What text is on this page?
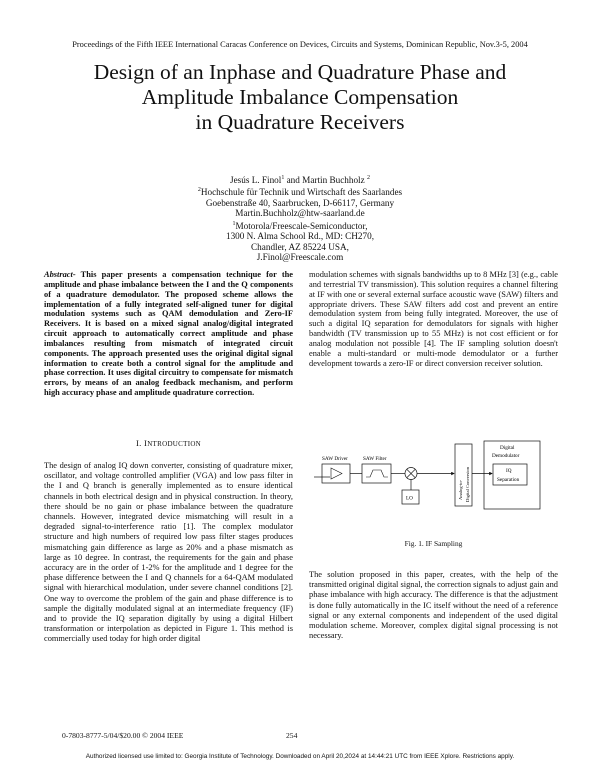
Proceedings of the Fifth IEEE International Caracas Conference on Devices, Circuits and Systems, Dominican Republic, Nov.3-5, 2004
Design of an Inphase and Quadrature Phase and
Amplitude Imbalance Compensation
in Quadrature Receivers
Jesús L. Finol$^1$ and Martin Buchholz $^2$
$^2$Hochschule für Technik und Wirtschaft des Saarlandes
Goebenstraße 40, Saarbrucken, D-66117, Germany
Martin.Buchholz@htw-saarland.de
$^1$Motorola/Freescale-Semiconductor,
1300 N. Alma School Rd., MD: CH270,
Chandler, AZ 85224 USA,
J.Finol@Freescale.com

Abstract- This paper presents a compensation technique for the amplitude and phase imbalance between the I and the Q components of a quadrature demodulator. The proposed scheme allows the implementation of a fully integrated self-aligned tuner for digital modulation systems such as QAM demodulation and Zero-IF Receivers. It is based on a mixed signal analog/digital integrated circuit approach to automatically correct amplitude and phase imbalances resulting from mismatch of integrated circuit components. The approach presented uses the original digital signal information to create both a control signal for the amplitude and phase correction. It uses digital circuitry to compensate for mismatch errors, by means of an analog feedback mechanism, and perform high accuracy phase and amplitude quadrature correction.

I. INTRODUCTION

The design of analog IQ down converter, consisting of quadrature mixer, oscillator, and voltage controlled amplifier (VGA) and low pass filter in the I and Q branch is generally implemented as to ensure identical channels in both electrical design and in physical construction. In theory, there should be no gain or phase imbalance between the quadrature channels. However, integrated device mismatching will result in a degraded signal-to-interference ratio [1]. The complex modulator structure and high numbers of required low pass filter stages produces mismatching gain difference as large as 20% and a phase mismatch as large as 10 degree. In contrast, the requirements for the gain and phase accuracy are in the order of 1-2% for the amplitude and 1 degree for the phase difference between the I and Q channels for a 64-QAM modulated signal with hierarchical modulation, under severe channel conditions [2]. One way to overcome the problem of the gain and phase difference is to sample the digitally modulated signal at an intermediate frequency (IF) and to provide the IQ separation digitally by using a digital Hilbert transformation or interpolation as depicted in Figure 1. This method is commercially used today for high order digital

modulation schemes with signals bandwidths up to 8 MHz [3] (e.g., cable and terrestrial TV transmission). This solution requires a channel filtering at IF with one or several external surface acoustic wave (SAW) filters and appropriate drivers. These SAW filters add cost and prevent an entire demodulation system from being fully integrated. Moreover, the use of such a digital IQ separation for demodulators for signals with higher bandwidth (TV transmission up to 55 MHz) is not cost efficient or for analog modulation not possible [4]. The IF sampling solution doesn't enable a multi-standard or multi-mode demodulator or a further development towards a zero-IF or direct conversion receiver solution.

SAW Driver	SAW Filter
LO	Analog-to- Digital Conversion
Digital
Demodulator
IQ
Separation
Fig. 1. IF Sampling

The solution proposed in this paper, creates, with the help of the transmitted original digital signal, the correction signals to adjust gain and phase imbalance with high accuracy. The difference is that the adjustment is done fully automatically in the IC itself without the need of a reference signal or any external components and independent of the used digital modulation scheme. Moreover, complex digital signal processing is not necessary.

0-7803-8777-5/04/$20.00 © 2004 IEEE	254
Authorized licensed use limited to: Georgia Institute of Technology. Downloaded on April 20,2024 at 14:44:21 UTC from IEEE Xplore. Restrictions apply.
